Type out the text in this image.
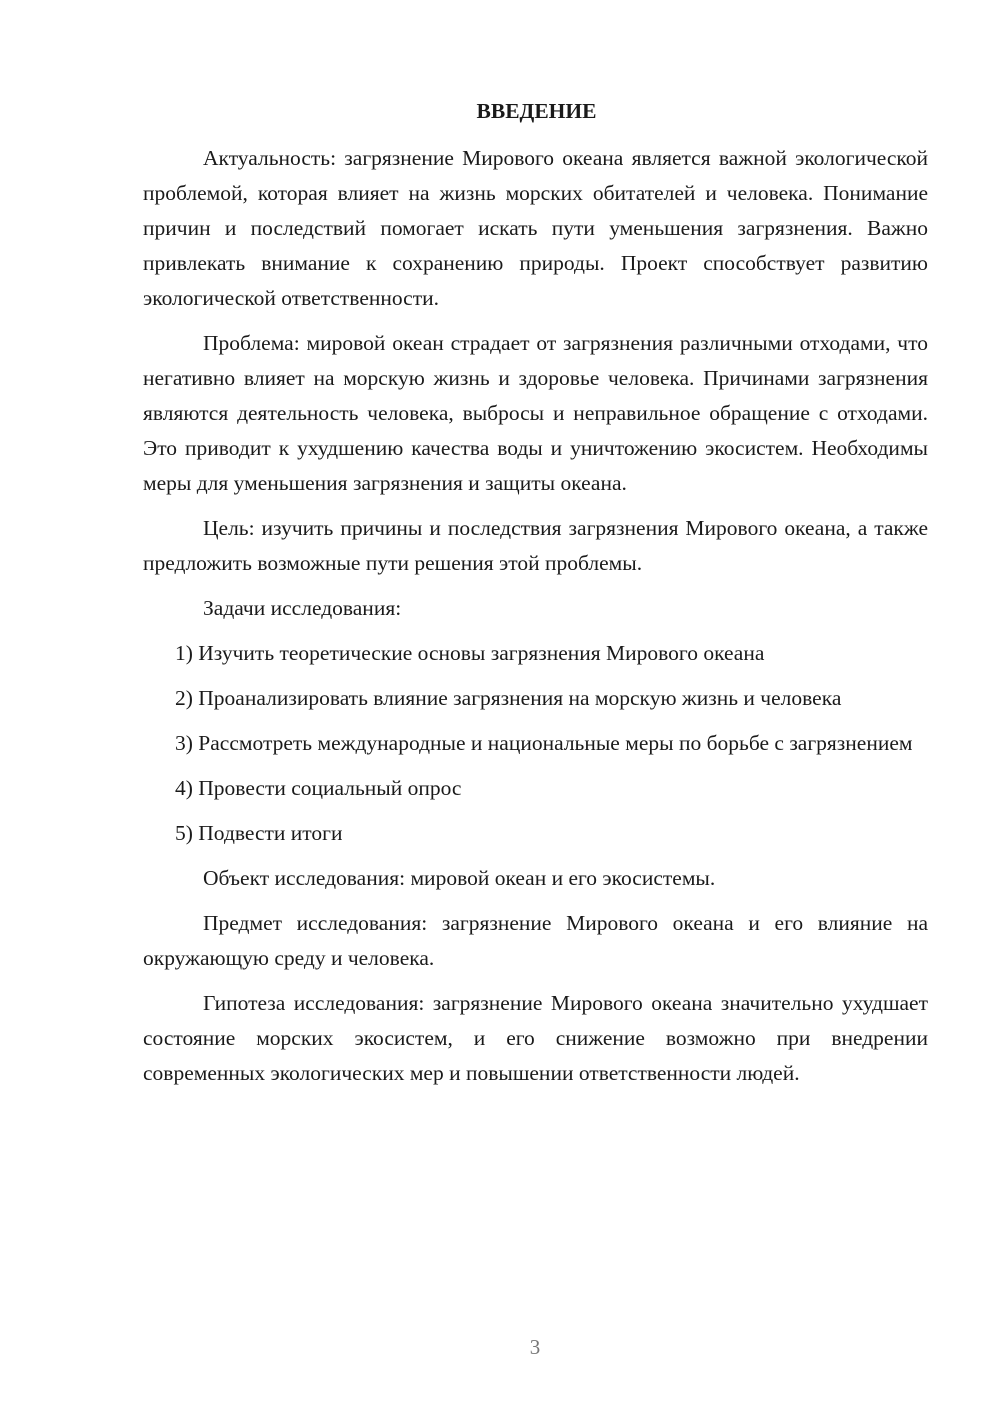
ВВЕДЕНИЕ

Актуальность: загрязнение Мирового океана является важной экологической проблемой, которая влияет на жизнь морских обитателей и человека. Понимание причин и последствий помогает искать пути уменьшения загрязнения. Важно привлекать внимание к сохранению природы. Проект способствует развитию экологической ответственности.

Проблема: мировой океан страдает от загрязнения различными отходами, что негативно влияет на морскую жизнь и здоровье человека. Причинами загрязнения являются деятельность человека, выбросы и неправильное обращение с отходами. Это приводит к ухудшению качества воды и уничтожению экосистем. Необходимы меры для уменьшения загрязнения и защиты океана.

Цель: изучить причины и последствия загрязнения Мирового океана, а также предложить возможные пути решения этой проблемы.

Задачи исследования:

1) Изучить теоретические основы загрязнения Мирового океана

2) Проанализировать влияние загрязнения на морскую жизнь и человека

3) Рассмотреть международные и национальные меры по борьбе с загрязнением

4) Провести социальный опрос

5) Подвести итоги

Объект исследования: мировой океан и его экосистемы.

Предмет исследования: загрязнение Мирового океана и его влияние на окружающую среду и человека.

Гипотеза исследования: загрязнение Мирового океана значительно ухудшает состояние морских экосистем, и его снижение возможно при внедрении современных экологических мер и повышении ответственности людей.

3
